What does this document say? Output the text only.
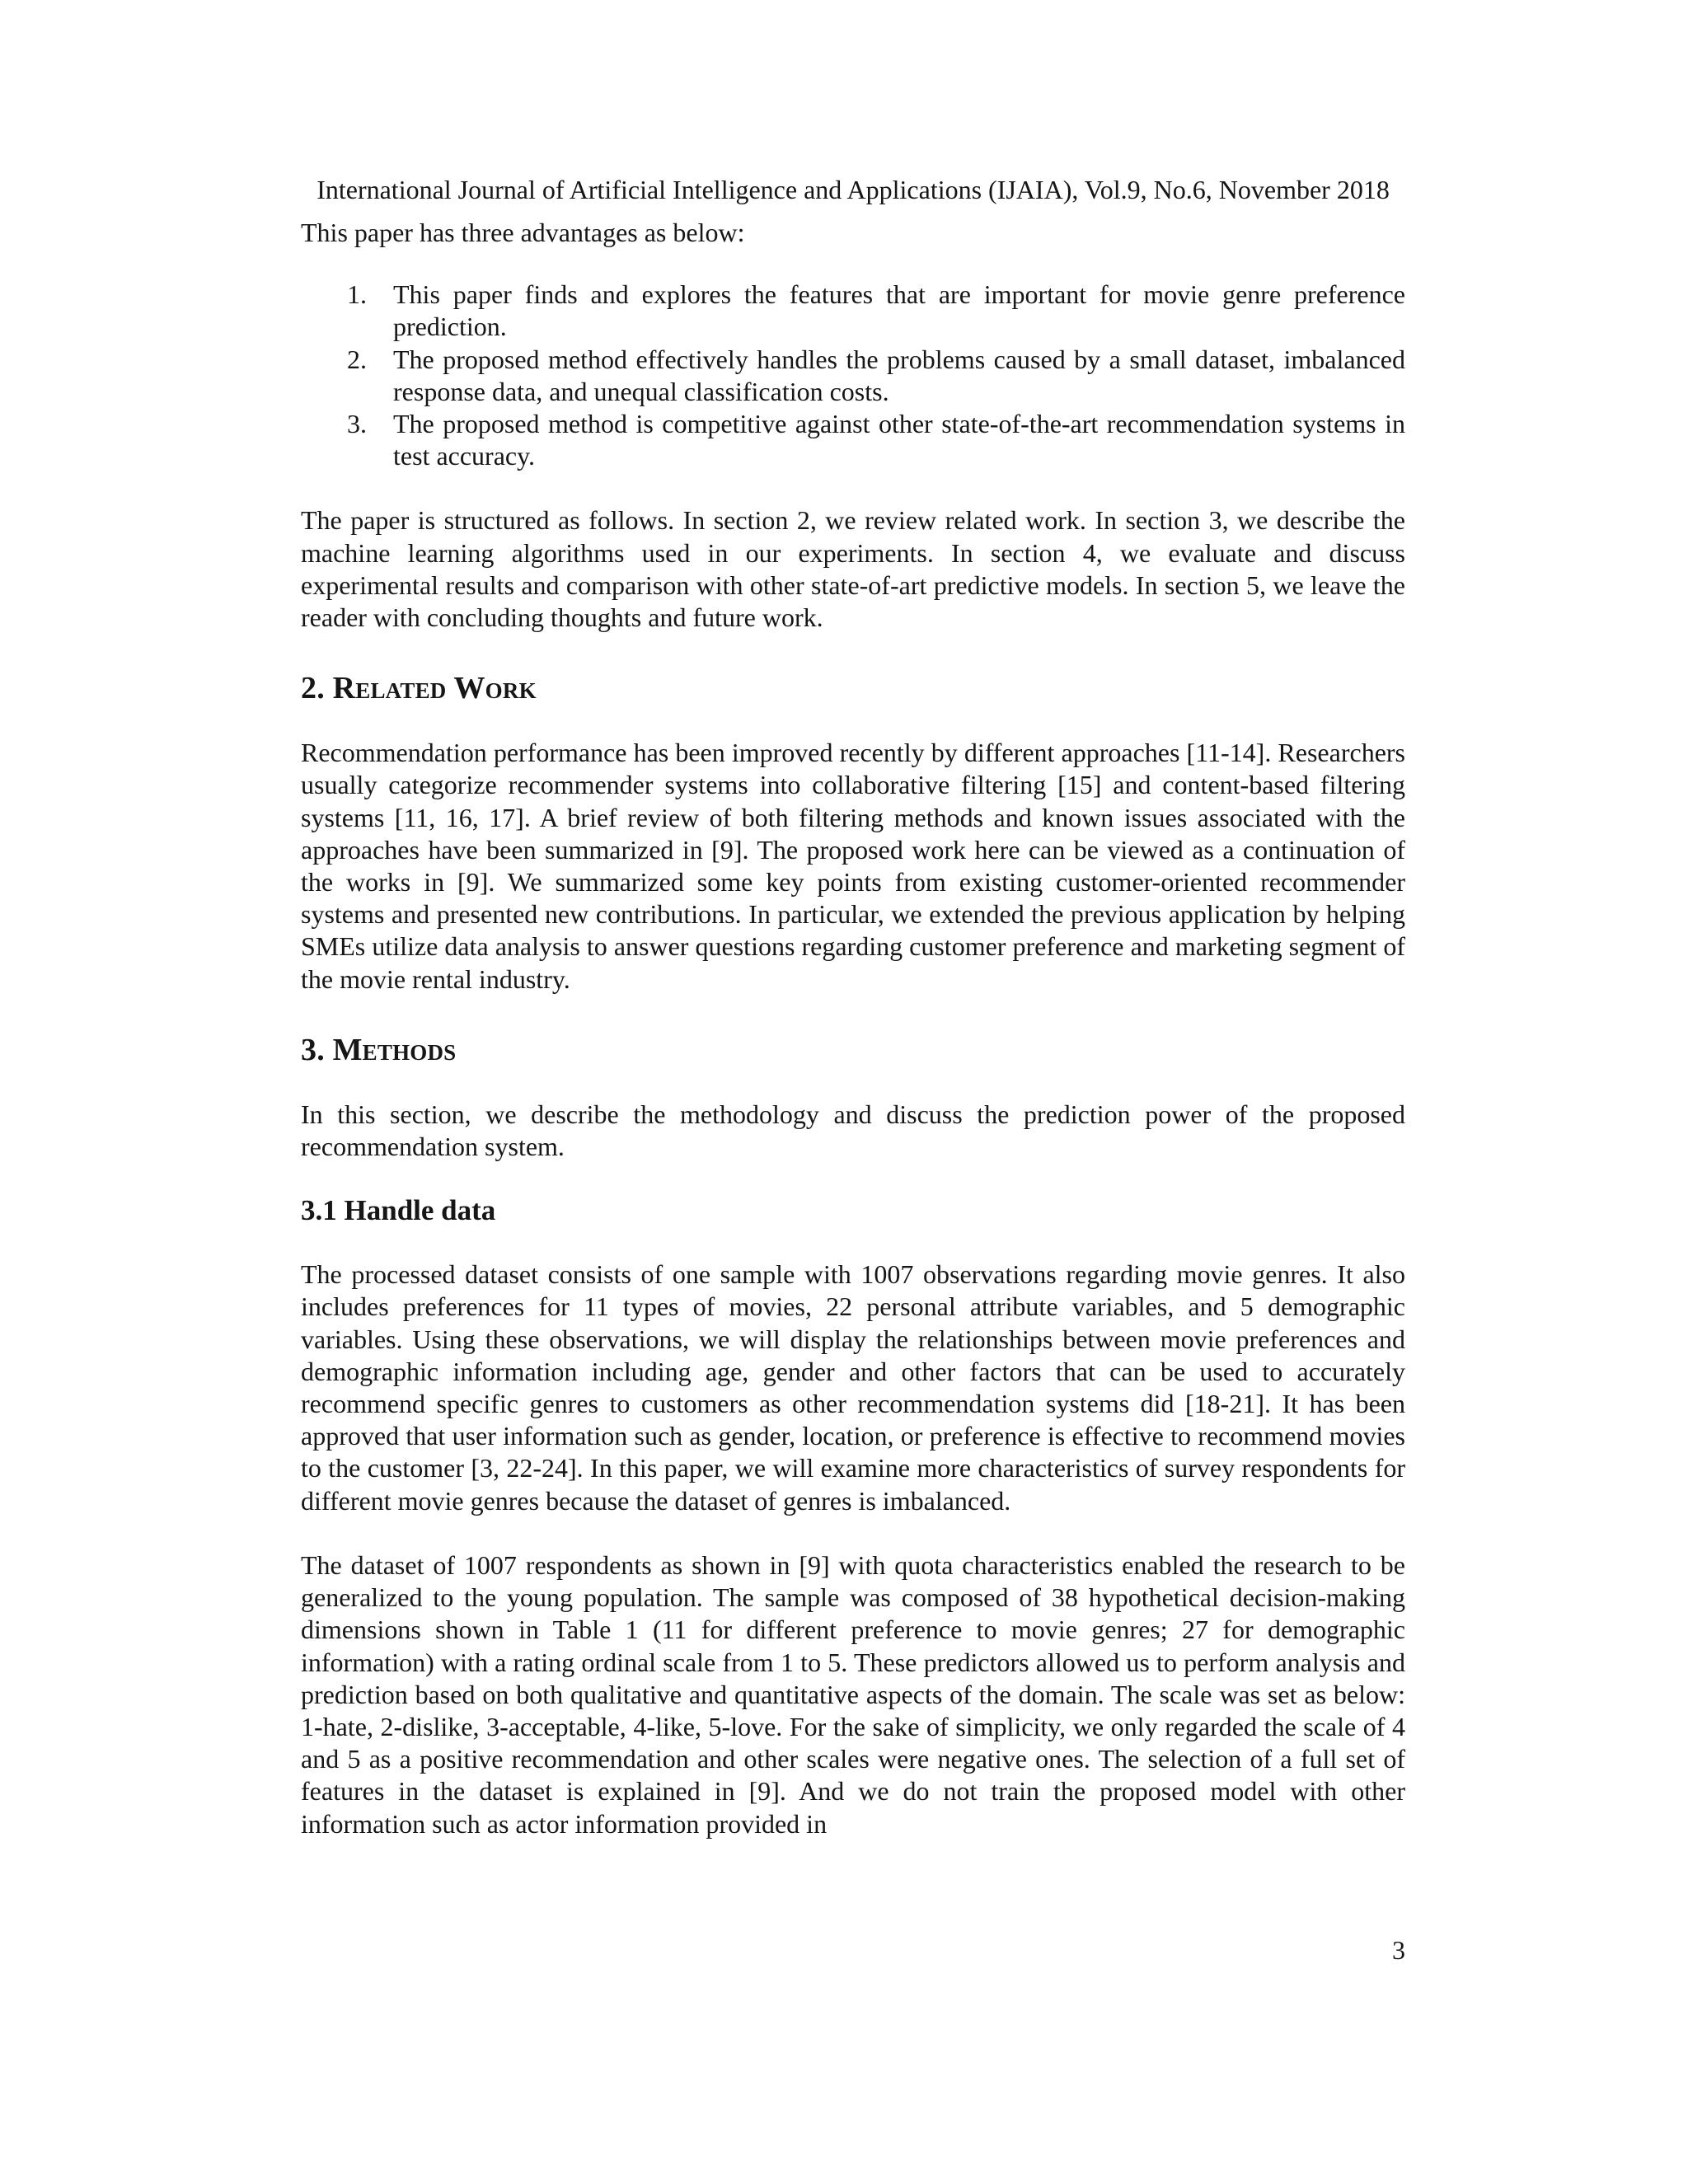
International Journal of Artificial Intelligence and Applications (IJAIA), Vol.9, No.6, November 2018

This paper has three advantages as below:

This paper finds and explores the features that are important for movie genre preference prediction.
The proposed method effectively handles the problems caused by a small dataset, imbalanced response data, and unequal classification costs.
The proposed method is competitive against other state-of-the-art recommendation systems in test accuracy.

The paper is structured as follows. In section 2, we review related work. In section 3, we describe the machine learning algorithms used in our experiments. In section 4, we evaluate and discuss experimental results and comparison with other state-of-art predictive models. In section 5, we leave the reader with concluding thoughts and future work.

2. Related Work

Recommendation performance has been improved recently by different approaches [11-14]. Researchers usually categorize recommender systems into collaborative filtering [15] and content-based filtering systems [11, 16, 17]. A brief review of both filtering methods and known issues associated with the approaches have been summarized in [9]. The proposed work here can be viewed as a continuation of the works in [9]. We summarized some key points from existing customer-oriented recommender systems and presented new contributions. In particular, we extended the previous application by helping SMEs utilize data analysis to answer questions regarding customer preference and marketing segment of the movie rental industry.

3. Methods

In this section, we describe the methodology and discuss the prediction power of the proposed recommendation system.

3.1 Handle data

The processed dataset consists of one sample with 1007 observations regarding movie genres. It also includes preferences for 11 types of movies, 22 personal attribute variables, and 5 demographic variables. Using these observations, we will display the relationships between movie preferences and demographic information including age, gender and other factors that can be used to accurately recommend specific genres to customers as other recommendation systems did [18-21]. It has been approved that user information such as gender, location, or preference is effective to recommend movies to the customer [3, 22-24]. In this paper, we will examine more characteristics of survey respondents for different movie genres because the dataset of genres is imbalanced.

The dataset of 1007 respondents as shown in [9] with quota characteristics enabled the research to be generalized to the young population. The sample was composed of 38 hypothetical decision-making dimensions shown in Table 1 (11 for different preference to movie genres; 27 for demographic information) with a rating ordinal scale from 1 to 5. These predictors allowed us to perform analysis and prediction based on both qualitative and quantitative aspects of the domain. The scale was set as below: 1-hate, 2-dislike, 3-acceptable, 4-like, 5-love. For the sake of simplicity, we only regarded the scale of 4 and 5 as a positive recommendation and other scales were negative ones. The selection of a full set of features in the dataset is explained in [9]. And we do not train the proposed model with other information such as actor information provided in

3
